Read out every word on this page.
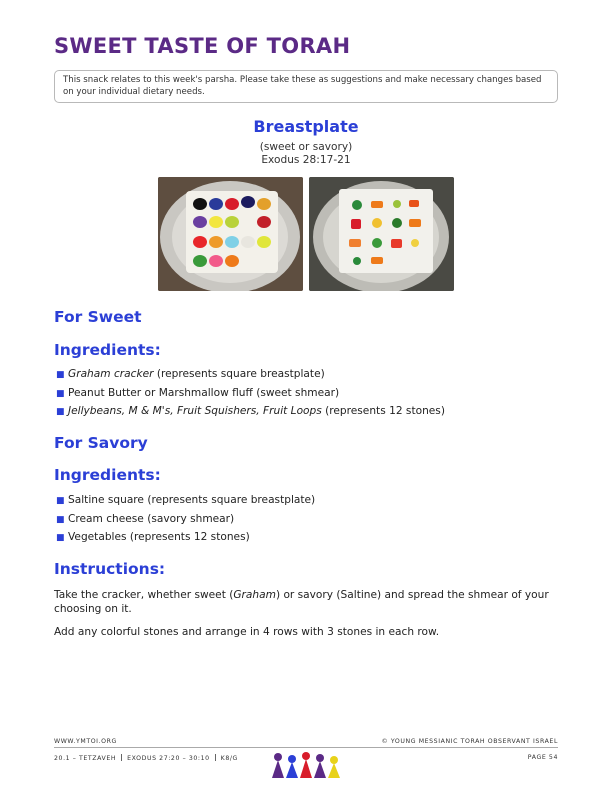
SWEET TASTE OF TORAH
This snack relates to this week's parsha. Please take these as suggestions and make necessary changes based on your individual dietary needs.
Breastplate
(sweet or savory)
Exodus 28:17-21
For Sweet
Ingredients:
■ Graham cracker (represents square breastplate)
■ Peanut Butter or Marshmallow fluff (sweet shmear)
■ Jellybeans, M & M's, Fruit Squishers, Fruit Loops (represents 12 stones)
For Savory
Ingredients:
■ Saltine square (represents square breastplate)
■ Cream cheese (savory shmear)
■ Vegetables (represents 12 stones)
Instructions:

Take the cracker, whether sweet (Graham) or savory (Saltine) and spread the shmear of your choosing on it.

Add any colorful stones and arrange in 4 rows with 3 stones in each row.

WWW.YMTOI.ORG	© YOUNG MESSIANIC TORAH OBSERVANT ISRAEL
20.1 – TETZAVEH EXODUS 27:20 – 30:10 K8/G	PAGE 54
